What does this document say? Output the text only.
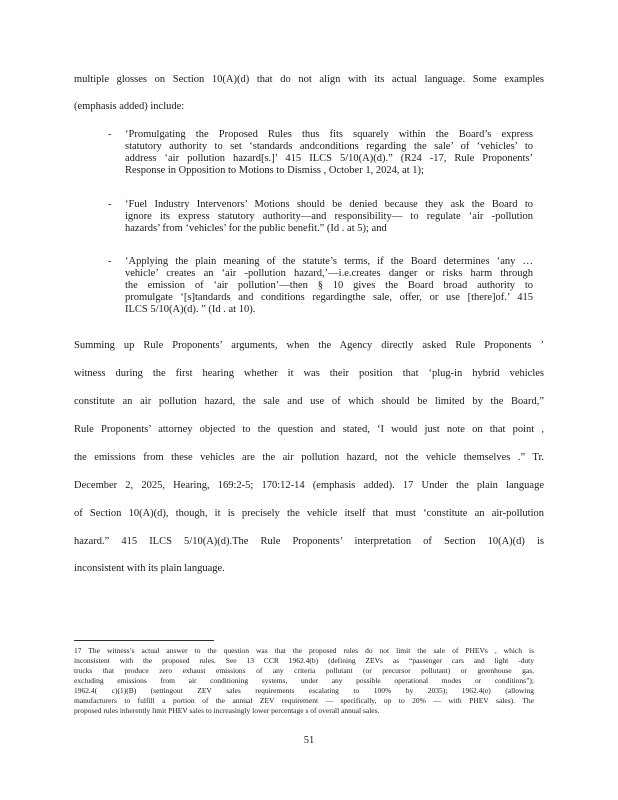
multiple glosses on Section 10(A)(d) that do not align with its actual language. Some examples
(emphasis added) include:
- ‘Promulgating the Proposed Rules thus fits squarely within the Board’s express
statutory authority to set ‘standards andconditions regarding the sale’ of ‘vehicles’ to
address ‘air pollution hazard[s.]’ 415 ILCS 5/10(A)(d).” (R24 -17, Rule Proponents’
Response in Opposition to Motions to Dismiss , October 1, 2024, at 1);
- ‘Fuel Industry Intervenors’ Motions should be denied because they ask the Board to
ignore its express statutory authority—and responsibility— to regulate ‘air -pollution
hazards’ from ‘vehicles’ for the public benefit.” (Id . at 5); and
- ‘Applying the plain meaning of the statute’s terms, if the Board determines ‘any …
vehicle’ creates an ‘air -pollution hazard,’—i.e.creates danger or risks harm through
the emission of ‘air pollution’—then § 10 gives the Board broad authority to
promulgate ‘[s]tandards and conditions regardingthe sale, offer, or use [there]of.’ 415
ILCS 5/10(A)(d). ” (Id . at 10).
Summing up Rule Proponents’ arguments, when the Agency directly asked Rule Proponents ’
witness during the first hearing whether it was their position that ‘plug-in hybrid vehicles
constitute an air pollution hazard, the sale and use of which should be limited by the Board,”
Rule Proponents’ attorney objected to the question and stated, ‘I would just note on that point ,
the emissions from these vehicles are the air pollution hazard, not the vehicle themselves .” Tr.
December 2, 2025, Hearing, 169:2-5; 170:12-14 (emphasis added). 17 Under the plain language
of Section 10(A)(d), though, it is precisely the vehicle itself that must ‘constitute an air-pollution
hazard.” 415 ILCS 5/10(A)(d).The Rule Proponents’ interpretation of Section 10(A)(d) is
inconsistent with its plain language.
17 The witness’s actual answer to the question was that the proposed rules do not limit the sale of PHEVs , which is
inconsistent with the proposed rules. See 13 CCR 1962.4(b) (defining ZEVs as “passenger cars and light -duty
trucks that produce zero exhaust emissions of any criteria pollutant (or precursor pollutant) or greenhouse gas,
excluding emissions from air conditioning systems, under any possible operational modes or conditions”);
1962.4( c)(1)(B) (settingout ZEV sales requirements escalating to 100% by 2035); 1962.4(e) (allowing
manufacturers to fulfill a portion of the annual ZEV requirement — specifically, up to 20% — with PHEV sales). The
proposed rules inherently limit PHEV sales to increasingly lower percentage s of overall annual sales.
51
